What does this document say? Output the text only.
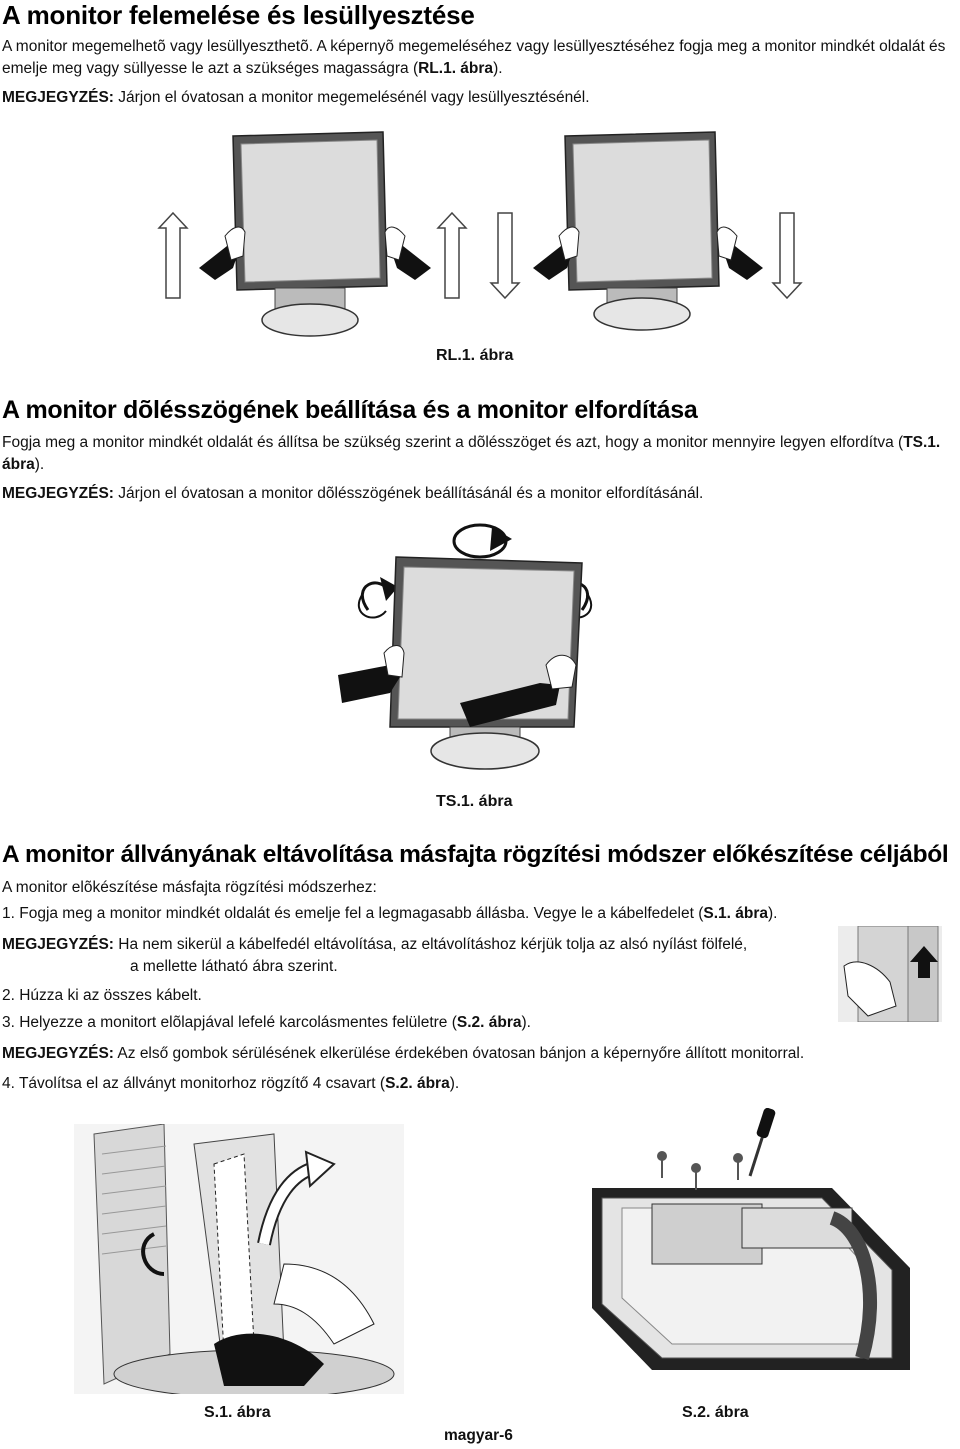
A monitor felemelése és lesüllyesztése
A monitor megemelhetõ vagy lesüllyeszthetõ. A képernyõ megemeléséhez vagy lesüllyesztéséhez fogja meg a monitor mindkét oldalát és emelje meg vagy süllyesse le azt a szükséges magasságra (RL.1. ábra).
MEGJEGYZÉS: Járjon el óvatosan a monitor megemelésénél vagy lesüllyesztésénél.
RL.1. ábra
A monitor dõlésszögének beállítása és a monitor elfordítása
Fogja meg a monitor mindkét oldalát és állítsa be szükség szerint a dõlésszöget és azt, hogy a monitor mennyire legyen elfordítva (TS.1. ábra).
MEGJEGYZÉS: Járjon el óvatosan a monitor dõlésszögének beállításánál és a monitor elfordításánál.
TS.1. ábra
A monitor állványának eltávolítása másfajta rögzítési módszer előkészítése céljából
A monitor elõkészítése másfajta rögzítési módszerhez:
1. Fogja meg a monitor mindkét oldalát és emelje fel a legmagasabb állásba. Vegye le a kábelfedelet (S.1. ábra).
MEGJEGYZÉS: Ha nem sikerül a kábelfedél eltávolítása, az eltávolításhoz kérjük tolja az alsó nyílást fölfelé,
a mellette látható ábra szerint.
2. Húzza ki az összes kábelt.
3. Helyezze a monitort elõlapjával lefelé karcolásmentes felületre (S.2. ábra).
MEGJEGYZÉS: Az első gombok sérülésének elkerülése érdekében óvatosan bánjon a képernyőre állított monitorral.
4. Távolítsa el az állványt monitorhoz rögzítő 4 csavart (S.2. ábra).
S.1. ábra	S.2. ábra
magyar-6
